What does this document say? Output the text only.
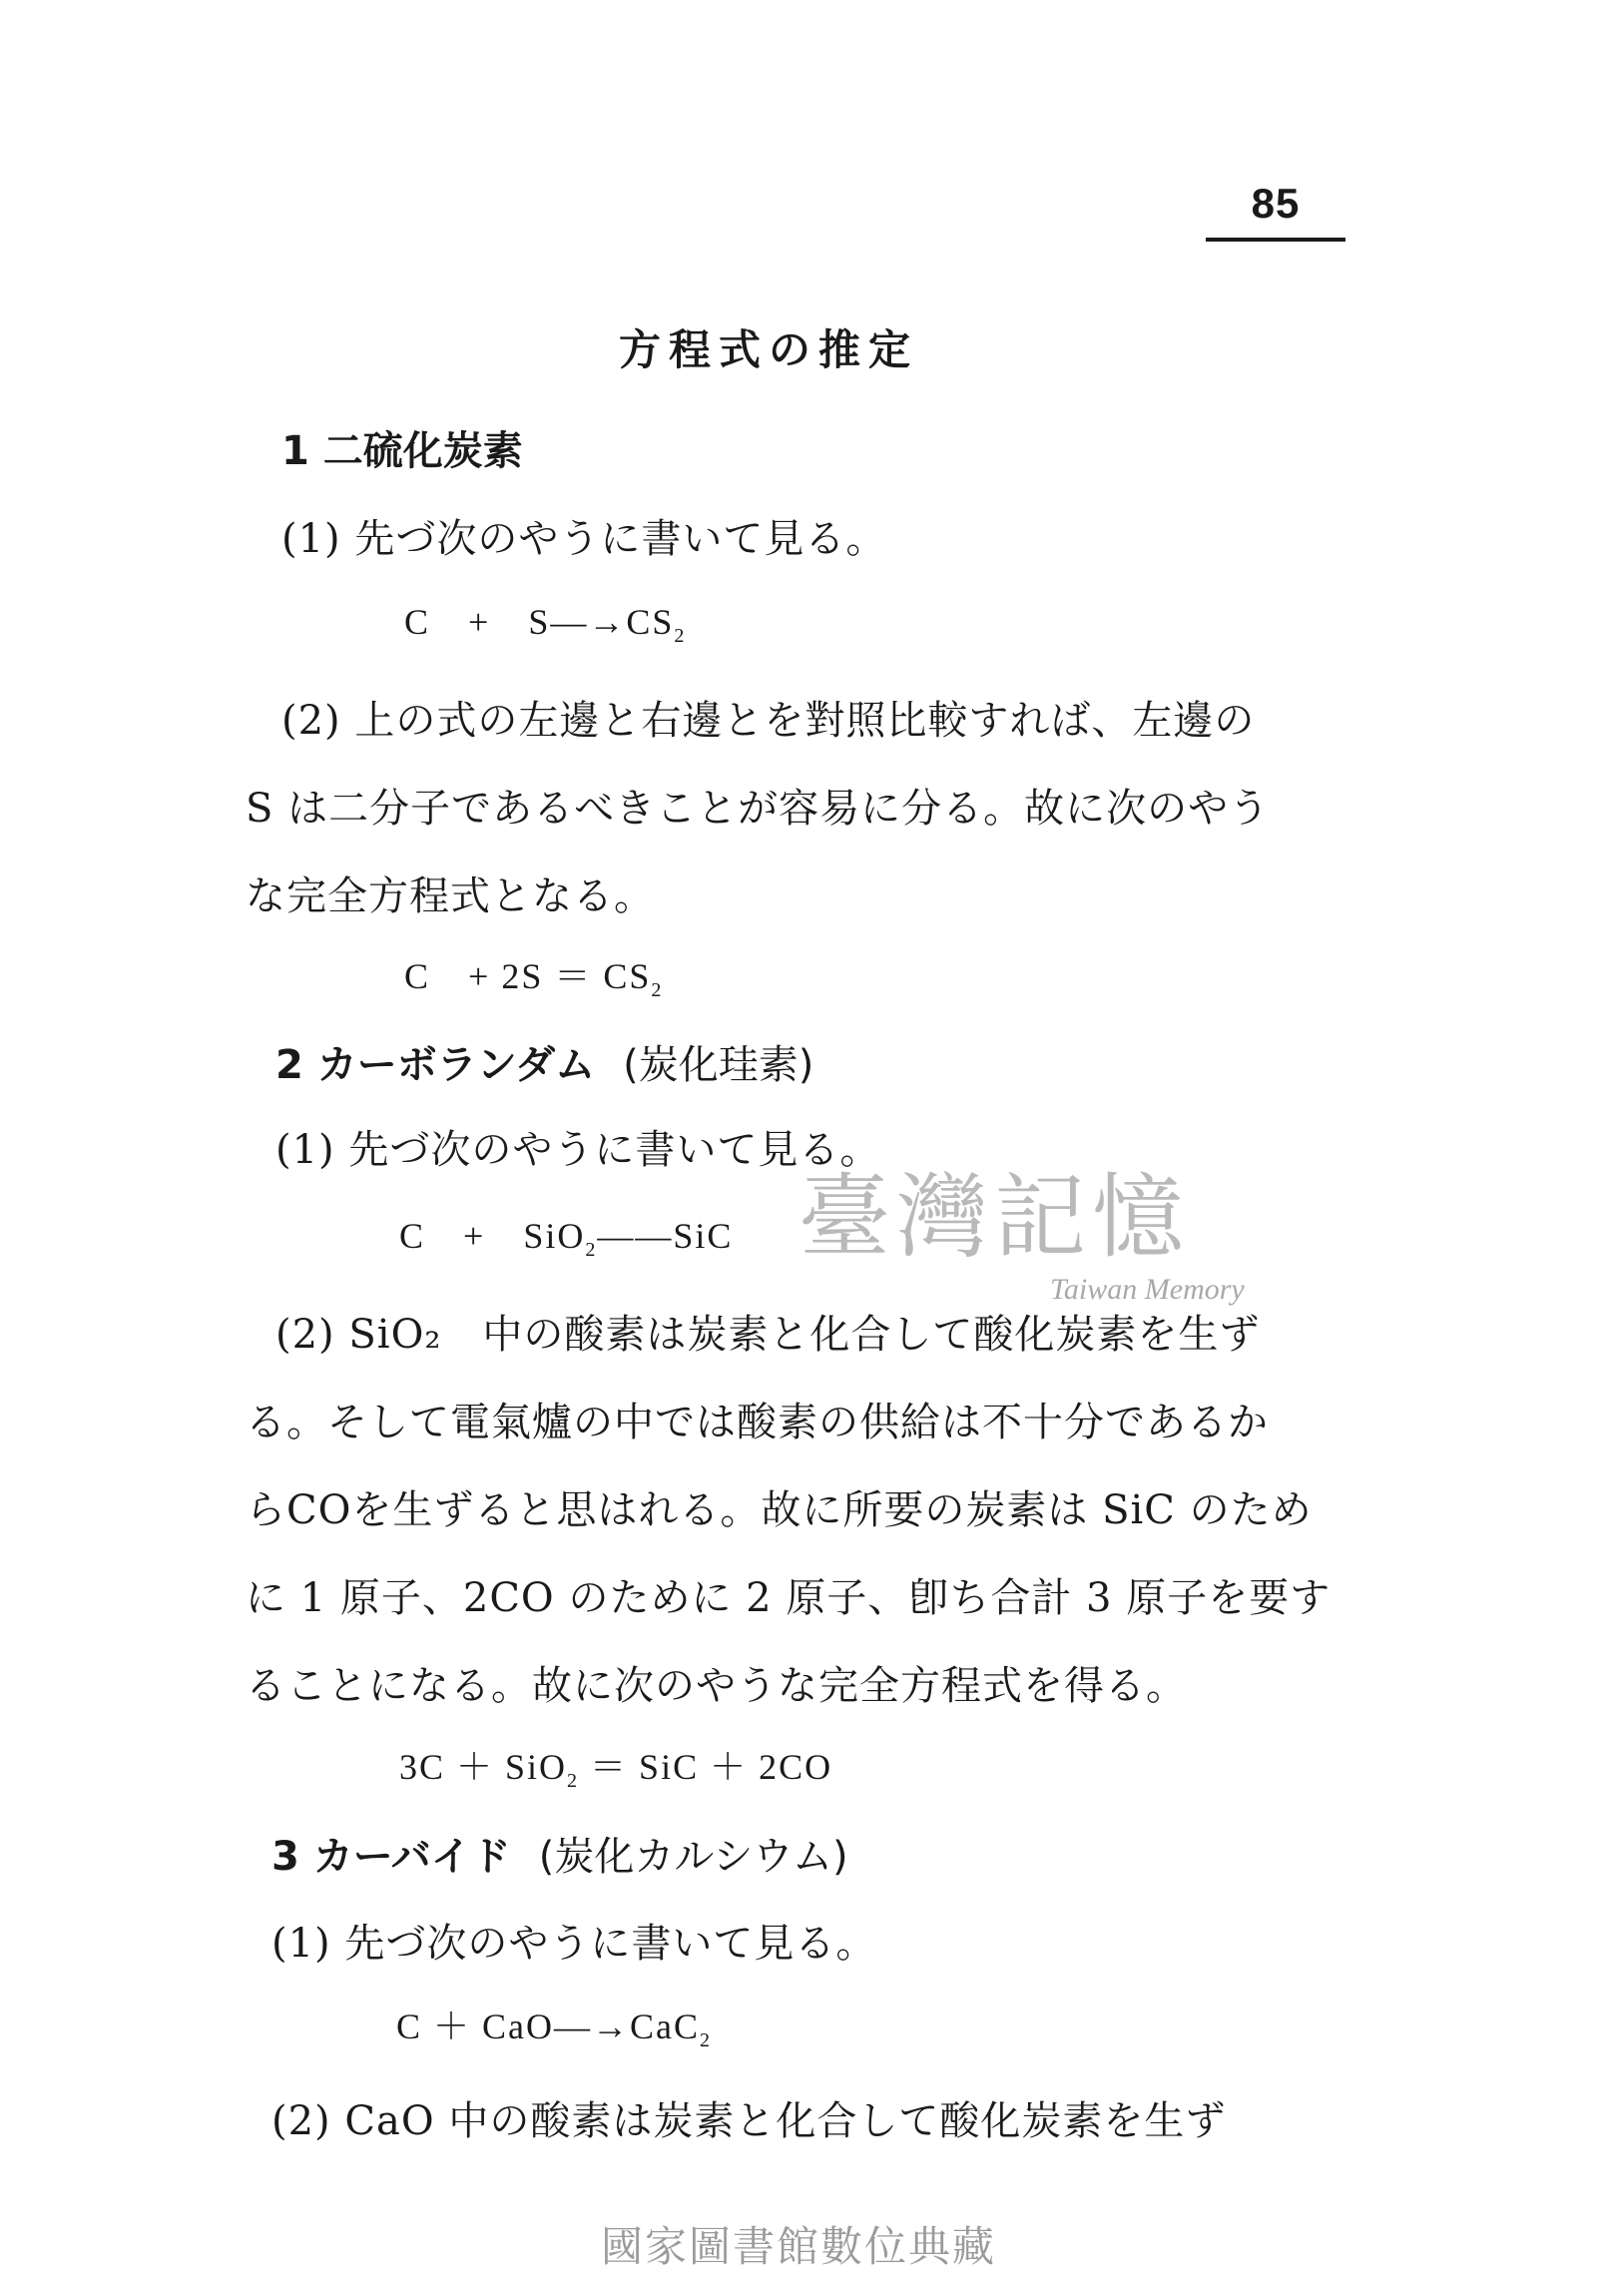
85
方程式の推定
1 二硫化炭素
(1) 先づ次のやうに書いて見る。
C　+　$S—\to CS_2$
(2) 上の式の左邊と右邊とを對照比較すれば、左邊の
S は二分子であるべきことが容易に分る。故に次のやう
な完全方程式となる。
C　+ $2S = CS_2$
2 カーボランダム (炭化珪素)
(1) 先づ次のやうに書いて見る。
C　+　SiO$_2$——SiC
(2) SiO₂　中の酸素は炭素と化合して酸化炭素を生ず
る。そして電氣爐の中では酸素の供給は不十分であるか
らCOを生ずると思はれる。故に所要の炭素は SiC のため
に 1 原子、2CO のために 2 原子、卽ち合計 3 原子を要す
ることになる。故に次のやうな完全方程式を得る。
3C ＋ SiO$_2$ ＝ SiC ＋ 2CO
3 カーバイド (炭化カルシウム)
(1) 先づ次のやうに書いて見る。
C ＋ CaO—→CaC$_2$
(2) CaO 中の酸素は炭素と化合して酸化炭素を生ず
臺灣記憶
Taiwan Memory
國家圖書館數位典藏
